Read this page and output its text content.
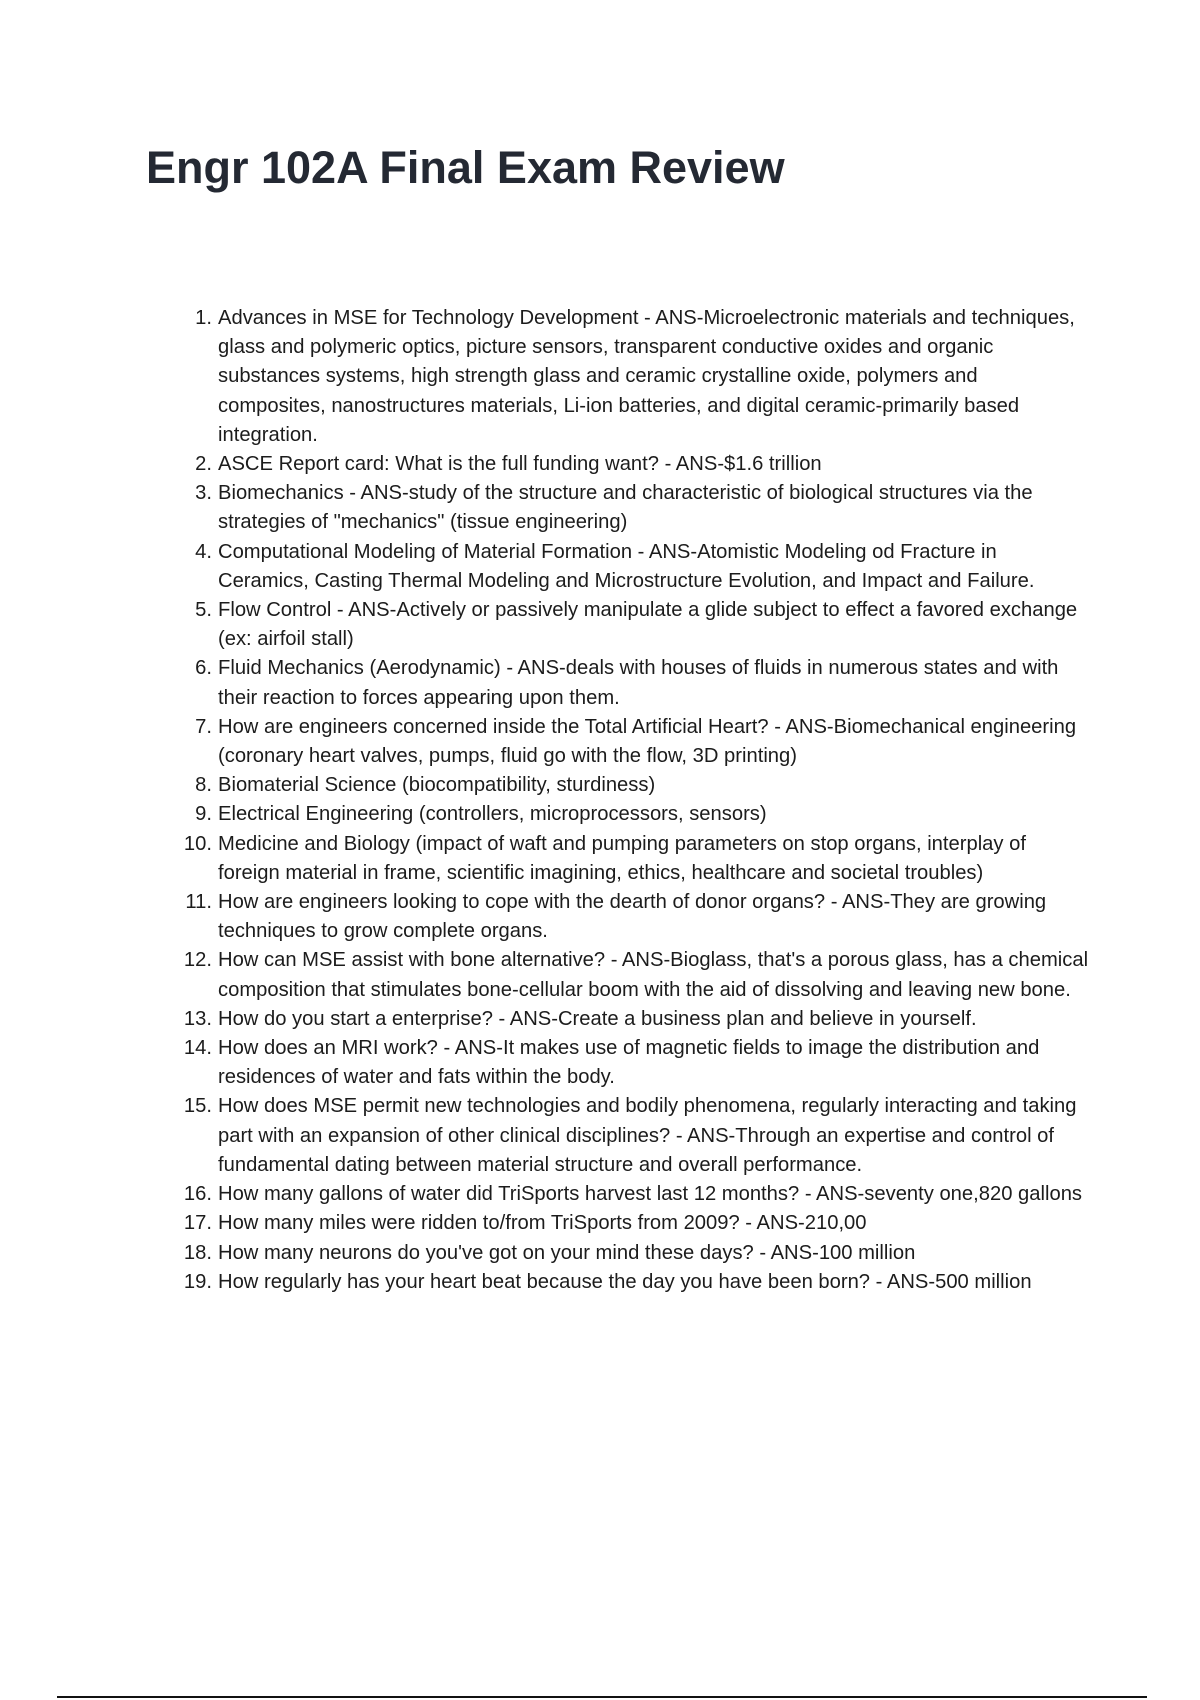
Engr 102A Final Exam Review
1. Advances in MSE for Technology Development - ANS-Microelectronic materials and techniques, glass and polymeric optics, picture sensors, transparent conductive oxides and organic substances systems, high strength glass and ceramic crystalline oxide, polymers and composites, nanostructures materials, Li-ion batteries, and digital ceramic-primarily based integration.
2. ASCE Report card: What is the full funding want? - ANS-$1.6 trillion
3. Biomechanics - ANS-study of the structure and characteristic of biological structures via the strategies of "mechanics" (tissue engineering)
4. Computational Modeling of Material Formation - ANS-Atomistic Modeling od Fracture in Ceramics, Casting Thermal Modeling and Microstructure Evolution, and Impact and Failure.
5. Flow Control - ANS-Actively or passively manipulate a glide subject to effect a favored exchange (ex: airfoil stall)
6. Fluid Mechanics (Aerodynamic) - ANS-deals with houses of fluids in numerous states and with their reaction to forces appearing upon them.
7. How are engineers concerned inside the Total Artificial Heart? - ANS-Biomechanical engineering (coronary heart valves, pumps, fluid go with the flow, 3D printing)
8. Biomaterial Science (biocompatibility, sturdiness)
9. Electrical Engineering (controllers, microprocessors, sensors)
10. Medicine and Biology (impact of waft and pumping parameters on stop organs, interplay of foreign material in frame, scientific imagining, ethics, healthcare and societal troubles)
11. How are engineers looking to cope with the dearth of donor organs? - ANS-They are growing techniques to grow complete organs.
12. How can MSE assist with bone alternative? - ANS-Bioglass, that's a porous glass, has a chemical composition that stimulates bone-cellular boom with the aid of dissolving and leaving new bone.
13. How do you start a enterprise? - ANS-Create a business plan and believe in yourself.
14. How does an MRI work? - ANS-It makes use of magnetic fields to image the distribution and residences of water and fats within the body.
15. How does MSE permit new technologies and bodily phenomena, regularly interacting and taking part with an expansion of other clinical disciplines? - ANS-Through an expertise and control of fundamental dating between material structure and overall performance.
16. How many gallons of water did TriSports harvest last 12 months? - ANS-seventy one,820 gallons
17. How many miles were ridden to/from TriSports from 2009? - ANS-210,00
18. How many neurons do you've got on your mind these days? - ANS-100 million
19. How regularly has your heart beat because the day you have been born? - ANS-500 million
